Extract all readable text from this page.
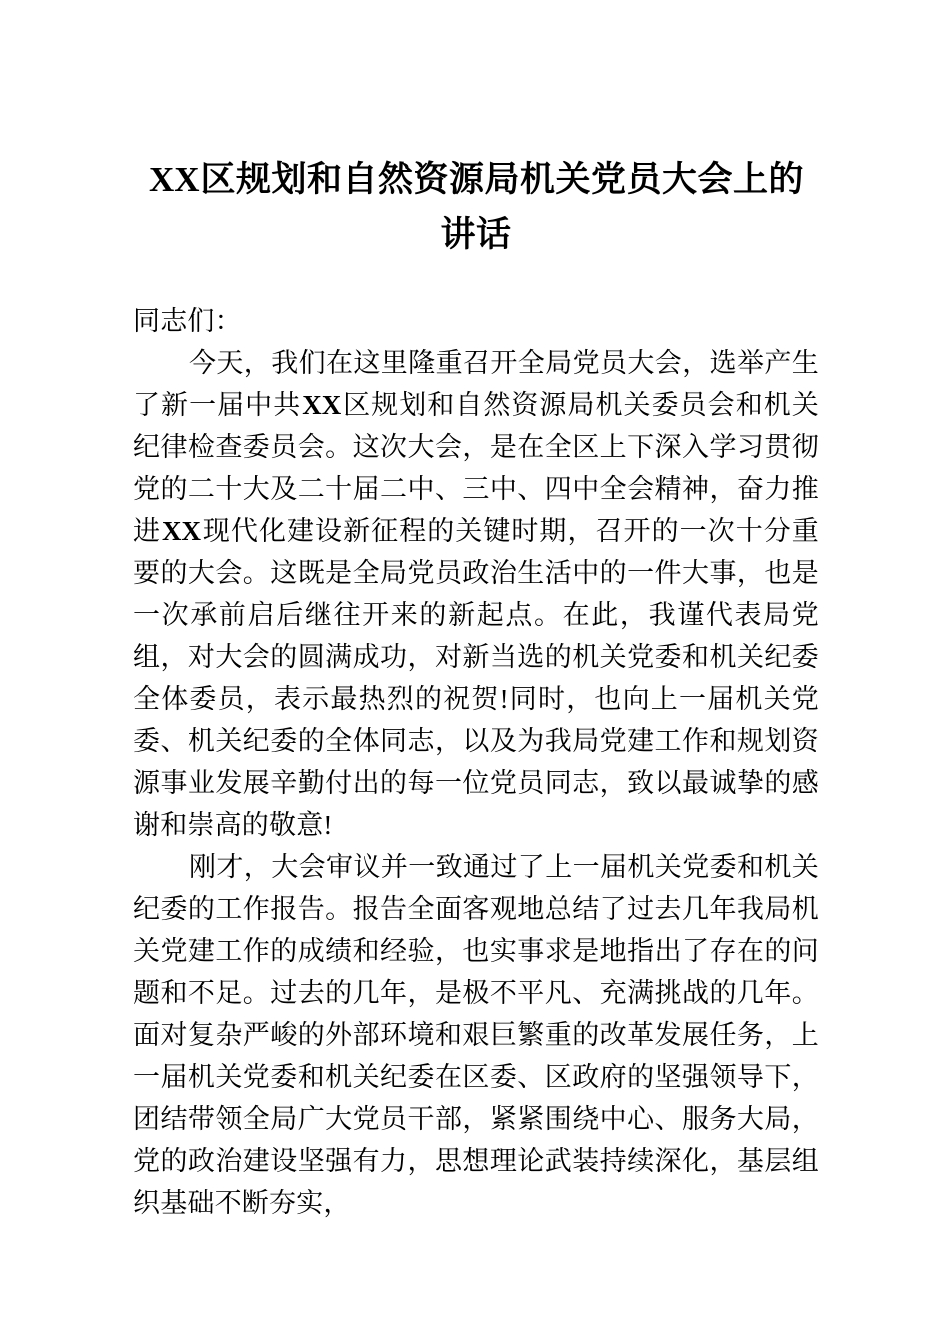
XX区规划和自然资源局机关党员大会上的
讲话

同志们：

今天，我们在这里隆重召开全局党员大会，选举产生了新一届中共XX区规划和自然资源局机关委员会和机关纪律检查委员会。这次大会，是在全区上下深入学习贯彻党的二十大及二十届二中、三中、四中全会精神，奋力推进XX现代化建设新征程的关键时期，召开的一次十分重要的大会。这既是全局党员政治生活中的一件大事，也是一次承前启后继往开来的新起点。在此，我谨代表局党组，对大会的圆满成功，对新当选的机关党委和机关纪委全体委员，表示最热烈的祝贺!同时，也向上一届机关党委、机关纪委的全体同志，以及为我局党建工作和规划资源事业发展辛勤付出的每一位党员同志，致以最诚挚的感谢和崇高的敬意!

刚才，大会审议并一致通过了上一届机关党委和机关纪委的工作报告。报告全面客观地总结了过去几年我局机关党建工作的成绩和经验，也实事求是地指出了存在的问题和不足。过去的几年，是极不平凡、充满挑战的几年。面对复杂严峻的外部环境和艰巨繁重的改革发展任务，上一届机关党委和机关纪委在区委、区政府的坚强领导下，团结带领全局广大党员干部，紧紧围绕中心、服务大局，党的政治建设坚强有力，思想理论武装持续深化，基层组织基础不断夯实，
